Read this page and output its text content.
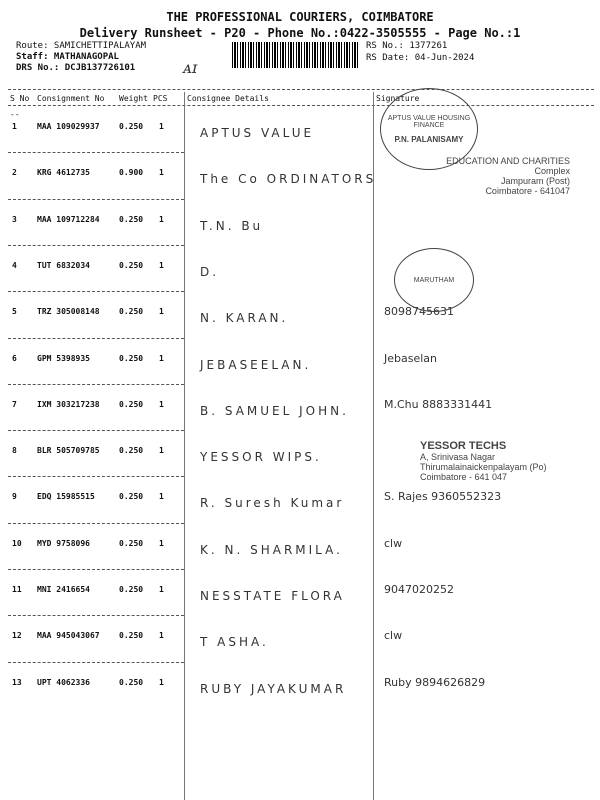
THE PROFESSIONAL COURIERS, COIMBATORE
Delivery Runsheet - P20 - Phone No.:0422-3505555 - Page No.:1
Route: SAMICHETTIPALAYAM
Staff: MATHANAGOPAL
DRS No.: DCJB137726101	ᴀɪ
RS No.: 1377261
RS Date: 04-Jun-2024
S No Consignment No Weight PCS Consignee Details	Signature
--
1	MAA 109029937 0.250 1	APTUS VALUE
2	KRG 4612735	0.900 1	The Co ORDINATORS
3	MAA 109712284 0.250 1	T.N. Bu
4	TUT 6832034	0.250 1	D.
5	TRZ 305008148 0.250 1	N. KARAN.	8098745631
6	GPM 5398935	0.250 1	JEBASEELAN.	Jebaselan
7	IXM 303217238 0.250 1	B. SAMUEL JOHN.	M.Chu 8883331441
8	BLR 505709785 0.250 1	YESSOR WIPS.
9	EDQ 15985515	0.250 1	R. Suresh Kumar	S. Rajes 9360552323
10 MYD 9758096	0.250 1	K. N. SHARMILA.	clw
11 MNI 2416654	0.250 1	NESSTATE FLORA	9047020252
12 MAA 945043067 0.250 1	T ASHA.	clw
13 UPT 4062336	0.250 1	RUBY JAYAKUMAR	Ruby 9894626829
APTUS VALUE HOUSING FINANCE
P.N. PALANISAMY
EDUCATION AND CHARITIES
Complex
Jampuram (Post)
Coimbatore - 641047
MARUTHAM
YESSOR TECHS
A, Srinivasa Nagar
Thirumalainaickenpalayam (Po)
Coimbatore - 641 047
